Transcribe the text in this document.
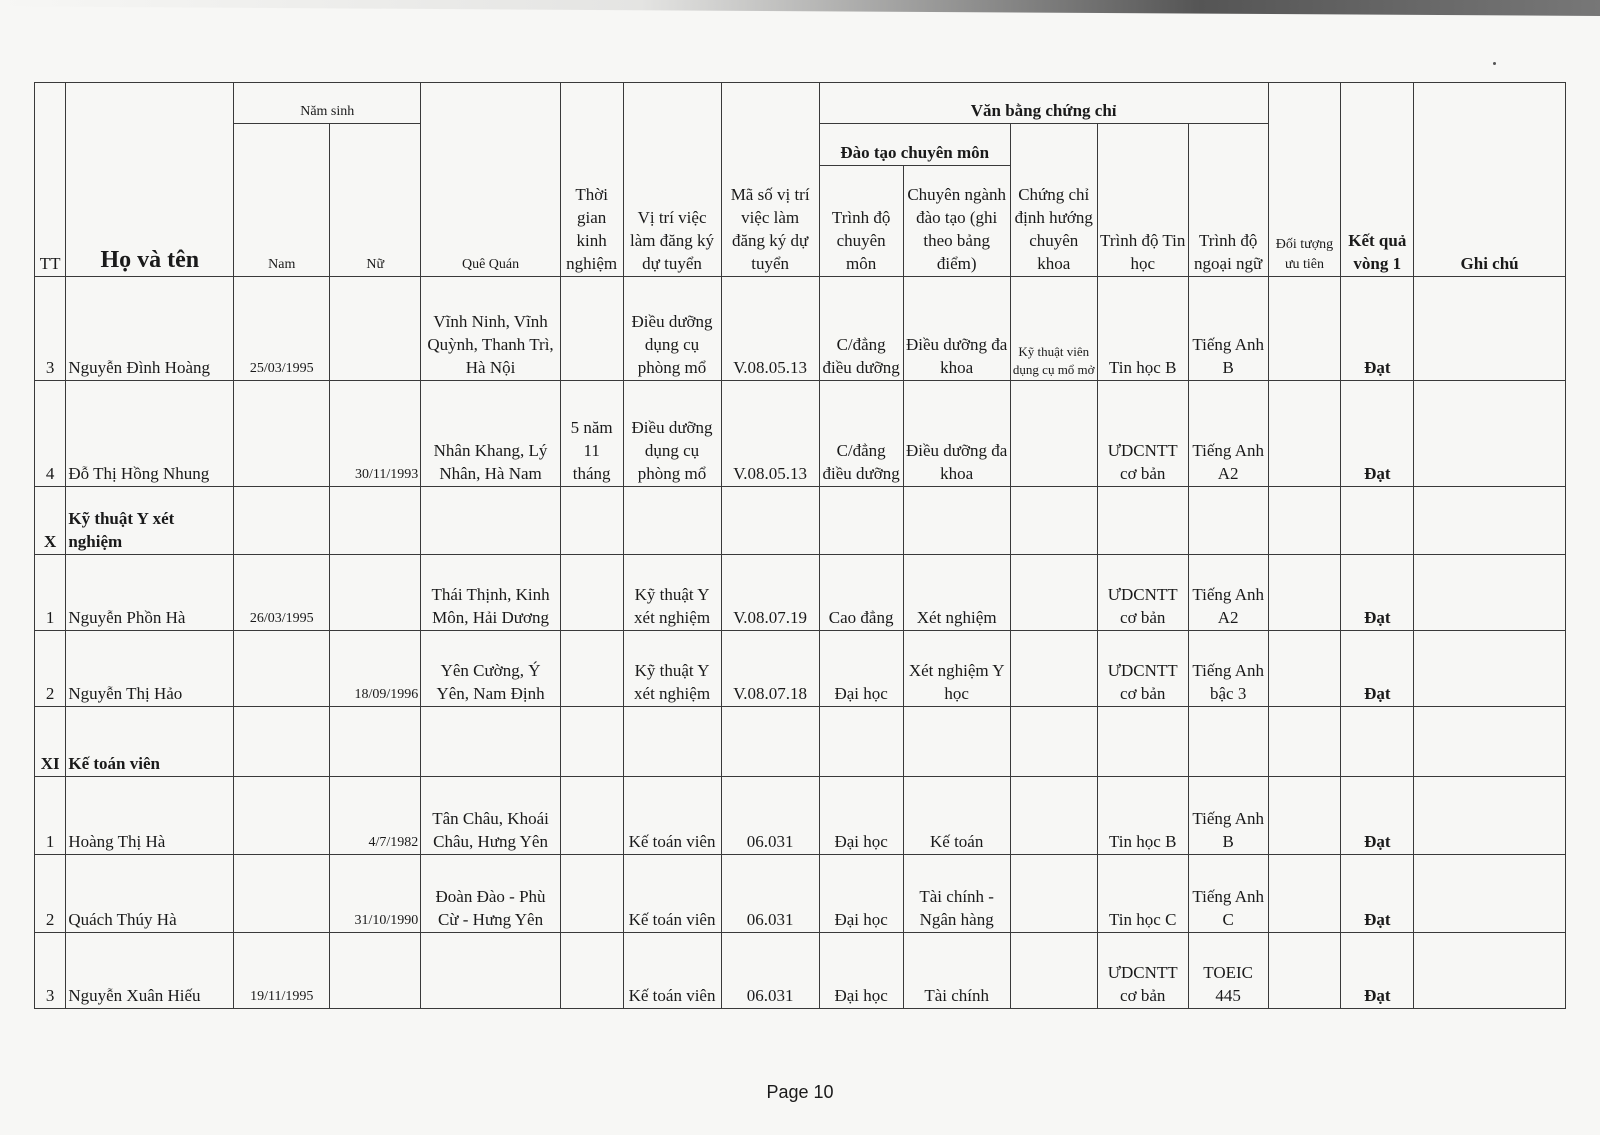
TT	Họ và tên	Năm sinh		Quê Quán	Thời gian kinh nghiệm	Vị trí việc làm đăng ký dự tuyển	Mã số vị trí việc làm đăng ký dự tuyển	Văn bằng chứng chỉ					Đối tượng ưu tiên	Kết quả vòng 1	Ghi chú
		Nam	Nữ					Đào tạo chuyên môn		Chứng chỉ định hướng chuyên khoa	Trình độ Tin học	Trình độ ngoại ngữ			
								Trình độ chuyên môn	Chuyên ngành đào tạo (ghi theo bảng điểm)						

3	Nguyễn Đình Hoàng	25/03/1995		Vĩnh Ninh, Vĩnh Quỳnh, Thanh Trì, Hà Nội		Điều dưỡng dụng cụ phòng mổ	V.08.05.13	C/đẳng điều dưỡng	Điều dưỡng đa khoa	Kỹ thuật viên dụng cụ mổ mở	Tin học B	Tiếng Anh B		Đạt	
4	Đỗ Thị Hồng Nhung		30/11/1993	Nhân Khang, Lý Nhân, Hà Nam	5 năm 11 tháng	Điều dưỡng dụng cụ phòng mổ	V.08.05.13	C/đẳng điều dưỡng	Điều dưỡng đa khoa		ƯDCNTT cơ bản	Tiếng Anh A2		Đạt	
X	Kỹ thuật Y xét nghiệm														
1	Nguyễn Phồn Hà	26/03/1995		Thái Thịnh, Kinh Môn, Hải Dương		Kỹ thuật Y xét nghiệm	V.08.07.19	Cao đẳng	Xét nghiệm		ƯDCNTT cơ bản	Tiếng Anh A2		Đạt	
2	Nguyễn Thị Hảo		18/09/1996	Yên Cường, Ý Yên, Nam Định		Kỹ thuật Y xét nghiệm	V.08.07.18	Đại học	Xét nghiệm Y học		ƯDCNTT cơ bản	Tiếng Anh bậc 3		Đạt	
XI	Kế toán viên														
1	Hoàng Thị Hà		4/7/1982	Tân Châu, Khoái Châu, Hưng Yên		Kế toán viên	06.031	Đại học	Kế toán		Tin học B	Tiếng Anh B		Đạt	
2	Quách Thúy Hà		31/10/1990	Đoàn Đào - Phù Cừ - Hưng Yên		Kế toán viên	06.031	Đại học	Tài chính - Ngân hàng		Tin học C	Tiếng Anh C		Đạt	
3	Nguyễn Xuân Hiếu	19/11/1995				Kế toán viên	06.031	Đại học	Tài chính		ƯDCNTT cơ bản	TOEIC 445		Đạt	
Page 10
